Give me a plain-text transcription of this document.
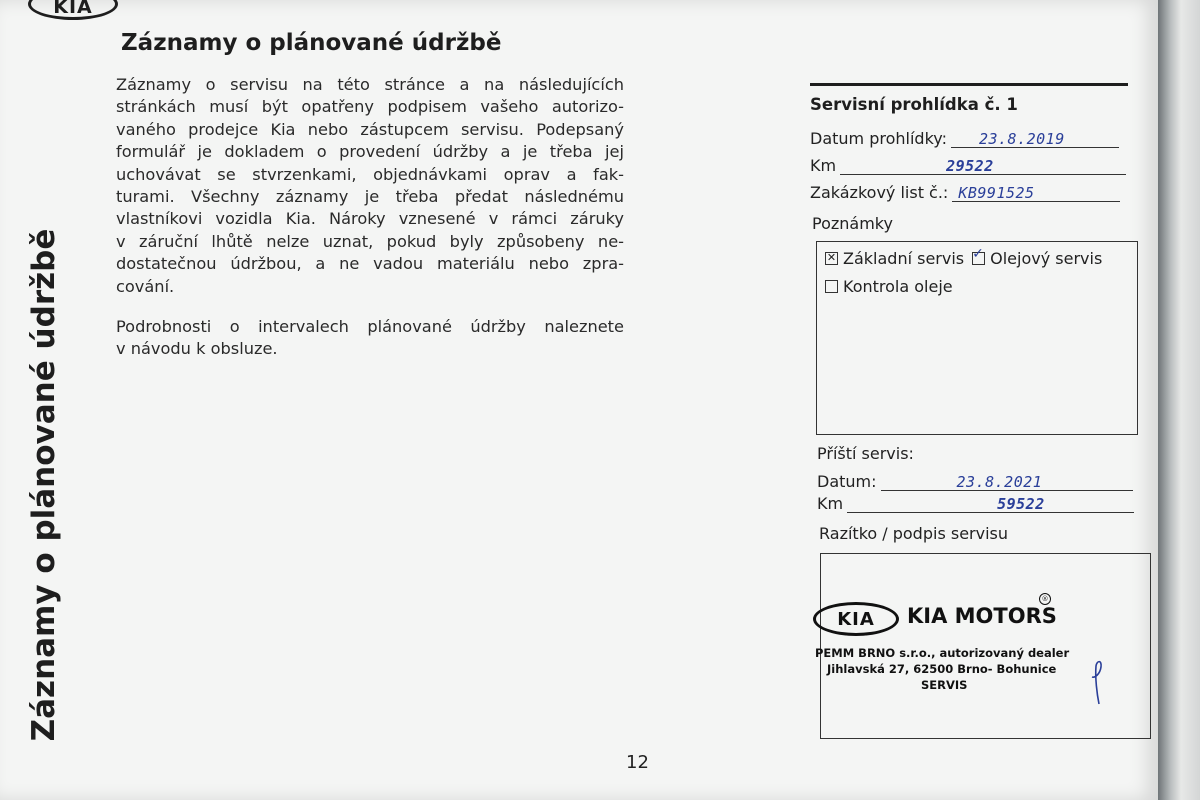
KIA
Záznamy o plánované údržbě
Záznamy o plánované údržbě

Záznamy o servisu na této stránce a na následujících
stránkách musí být opatřeny podpisem vašeho autorizo-
vaného prodejce Kia nebo zástupcem servisu. Podepsaný
formulář je dokladem o provedení údržby a je třeba jej
uchovávat se stvrzenkami, objednávkami oprav a fak-
turami. Všechny záznamy je třeba předat následnému
vlastníkovi vozidla Kia. Nároky vznesené v rámci záruky
v záruční lhůtě nelze uznat, pokud byly způsobeny ne-
dostatečnou údržbou, a ne vadou materiálu nebo zpra-
cování.

Podrobnosti o intervalech plánované údržby naleznete
v návodu k obsluze.

12
Servisní prohlídka č. 1
Datum prohlídky: 23.8.2019
Km	29522
Zakázkový list č.: KB991525
Poznámky
✕ Základní servis ✓ Olejový servis
Kontrola oleje
Příští servis:
Datum:	23.8.2021
Km	59522
Razítko / podpis servisu
KIA KIA MOTORS
®
PEMM BRNO s.r.o., autorizovaný dealer
Jihlavská 27, 62500 Brno- Bohunice
SERVIS
